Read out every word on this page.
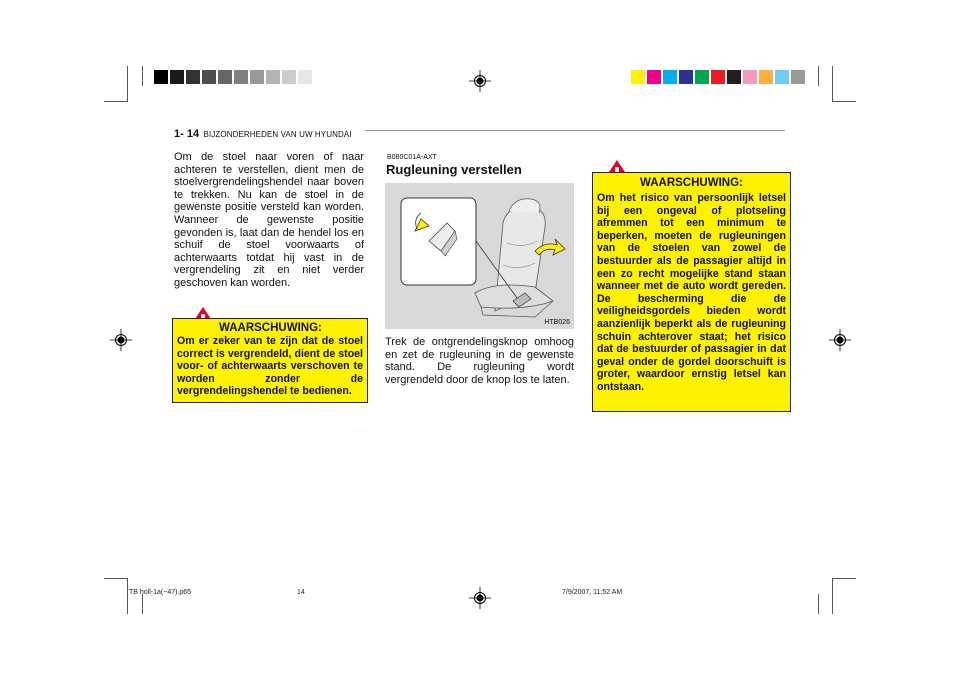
1- 14 BIJZONDERHEDEN VAN UW HYUNDAI
Om de stoel naar voren of naar achteren te verstellen, dient men de stoelvergrendelingshendel naar boven te trekken. Nu kan de stoel in de gewenste positie versteld kan worden. Wanneer de gewenste positie gevonden is, laat dan de hendel los en schuif de stoel voorwaarts of achterwaarts totdat hij vast in de vergrendeling zit en niet verder geschoven kan worden.
WAARSCHUWING:
Om er zeker van te zijn dat de stoel correct is vergrendeld, dient de stoel voor- of achterwaarts verschoven te worden zonder de vergrendelingshendel te bedienen.
B080C01A-AXT
Rugleuning verstellen
HTB026
Trek de ontgrendelingsknop omhoog en zet de rugleuning in de gewenste stand. De rugleuning wordt vergrendeld door de knop los te laten.
WAARSCHUWING:
Om het risico van persoonlijk letsel bij een ongeval of plotseling afremmen tot een minimum te beperken, moeten de rugleuningen van de stoelen van zowel de bestuurder als de passagier altijd in een zo recht mogelijke stand staan wanneer met de auto wordt gereden. De bescherming die de veiligheidsgordels bieden wordt aanzienlijk beperkt als de rugleuning schuin achterover staat; het risico dat de bestuurder of passagier in dat geval onder de gordel doorschuift is groter, waardoor ernstig letsel kan ontstaan.
TB holl-1a(~47).p65	14	7/9/2007, 11:52 AM
